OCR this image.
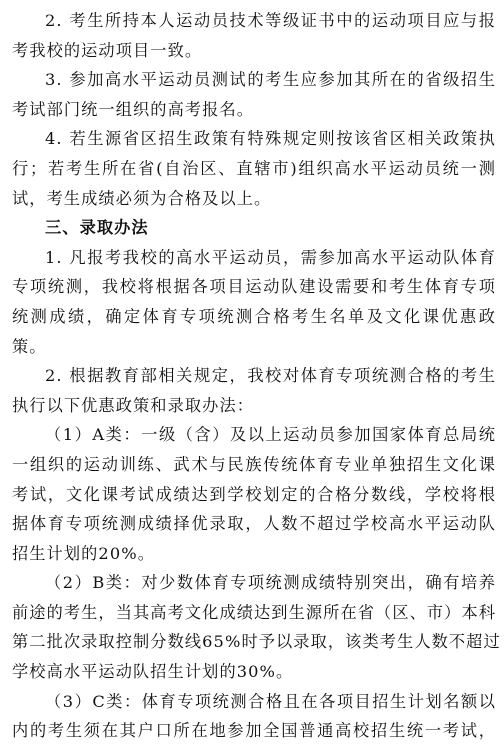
2. 考生所持本人运动员技术等级证书中的运动项目应与报
考我校的运动项目一致。
3. 参加高水平运动员测试的考生应参加其所在的省级招生
考试部门统一组织的高考报名。
4. 若生源省区招生政策有特殊规定则按该省区相关政策执
行；若考生所在省(自治区、直辖市)组织高水平运动员统一测
试，考生成绩必须为合格及以上。
三、录取办法
1. 凡报考我校的高水平运动员，需参加高水平运动队体育
专项统测，我校将根据各项目运动队建设需要和考生体育专项
统测成绩，确定体育专项统测合格考生名单及文化课优惠政
策。
2. 根据教育部相关规定，我校对体育专项统测合格的考生
执行以下优惠政策和录取办法：
（1）A类：一级（含）及以上运动员参加国家体育总局统
一组织的运动训练、武术与民族传统体育专业单独招生文化课
考试，文化课考试成绩达到学校划定的合格分数线，学校将根
据体育专项统测成绩择优录取，人数不超过学校高水平运动队
招生计划的20%。
（2）B类：对少数体育专项统测成绩特别突出，确有培养
前途的考生，当其高考文化成绩达到生源所在省（区、市）本科
第二批次录取控制分数线65%时予以录取，该类考生人数不超过
学校高水平运动队招生计划的30%。
（3）C类：体育专项统测合格且在各项目招生计划名额以
内的考生须在其户口所在地参加全国普通高校招生统一考试，
